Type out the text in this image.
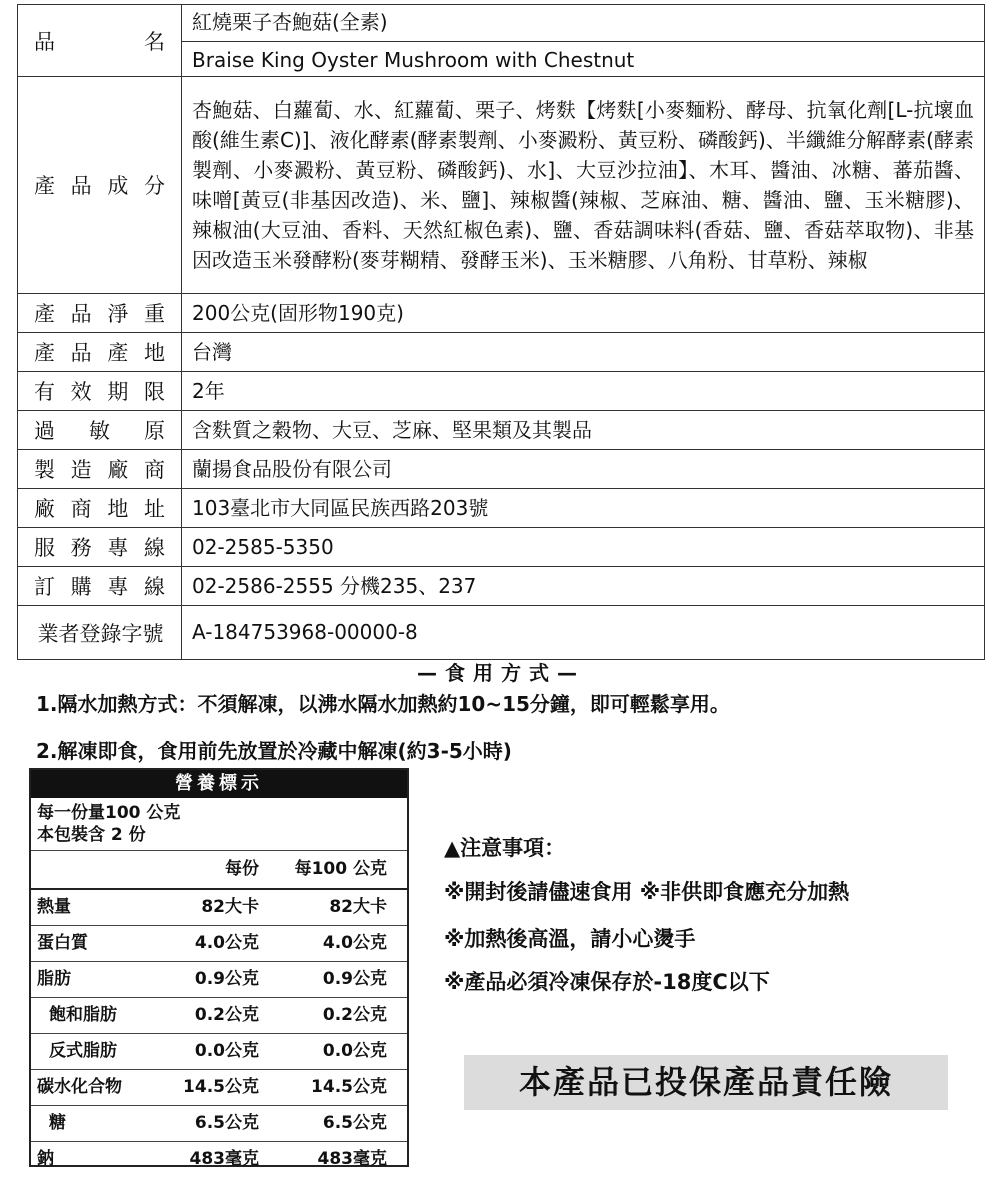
品名	紅燒栗子杏鮑菇(全素)
Braise King Oyster Mushroom with Chestnut

產品成分	杏鮑菇、白蘿蔔、水、紅蘿蔔、栗子、烤麩【烤麩[小麥麵粉、酵母、抗氧化劑[L-抗壞血酸(維生素C)]、液化酵素(酵素製劑、小麥澱粉、黃豆粉、磷酸鈣)、半纖維分解酵素(酵素製劑、小麥澱粉、黃豆粉、磷酸鈣)、水]、大豆沙拉油】、木耳、醬油、冰糖、蕃茄醬、味噌[黃豆(非基因改造)、米、鹽]、辣椒醬(辣椒、芝麻油、糖、醬油、鹽、玉米糖膠)、辣椒油(大豆油、香料、天然紅椒色素)、鹽、香菇調味料(香菇、鹽、香菇萃取物)、非基因改造玉米發酵粉(麥芽糊精、發酵玉米)、玉米糖膠、八角粉、甘草粉、辣椒
產品淨重	200公克(固形物190克)
產品產地	台灣
有效期限	2年
過敏原	含麩質之穀物、大豆、芝麻、堅果類及其製品
製造廠商	蘭揚食品股份有限公司
廠商地址	103臺北市大同區民族西路203號
服務專線	02-2585-5350
訂購專線	02-2586-2555 分機235、237
業者登錄字號	A-184753968-00000-8
—食用方式—
1.隔水加熱方式：不須解凍，以沸水隔水加熱約10~15分鐘，即可輕鬆享用。
2.解凍即食，食用前先放置於冷藏中解凍(約3-5小時)
營養標示
每一份量100 公克
本包裝含 2 份
每份 每100 公克
熱量	82大卡	82大卡
蛋白質	4.0公克	4.0公克
脂肪	0.9公克	0.9公克
飽和脂肪	0.2公克	0.2公克
反式脂肪	0.0公克	0.0公克
碳水化合物	14.5公克	14.5公克
糖	6.5公克	6.5公克
鈉	483毫克	483毫克
▲注意事項：
※開封後請儘速食用 ※非供即食應充分加熱
※加熱後高溫，請小心燙手
※產品必須冷凍保存於-18度C以下
本產品已投保產品責任險
